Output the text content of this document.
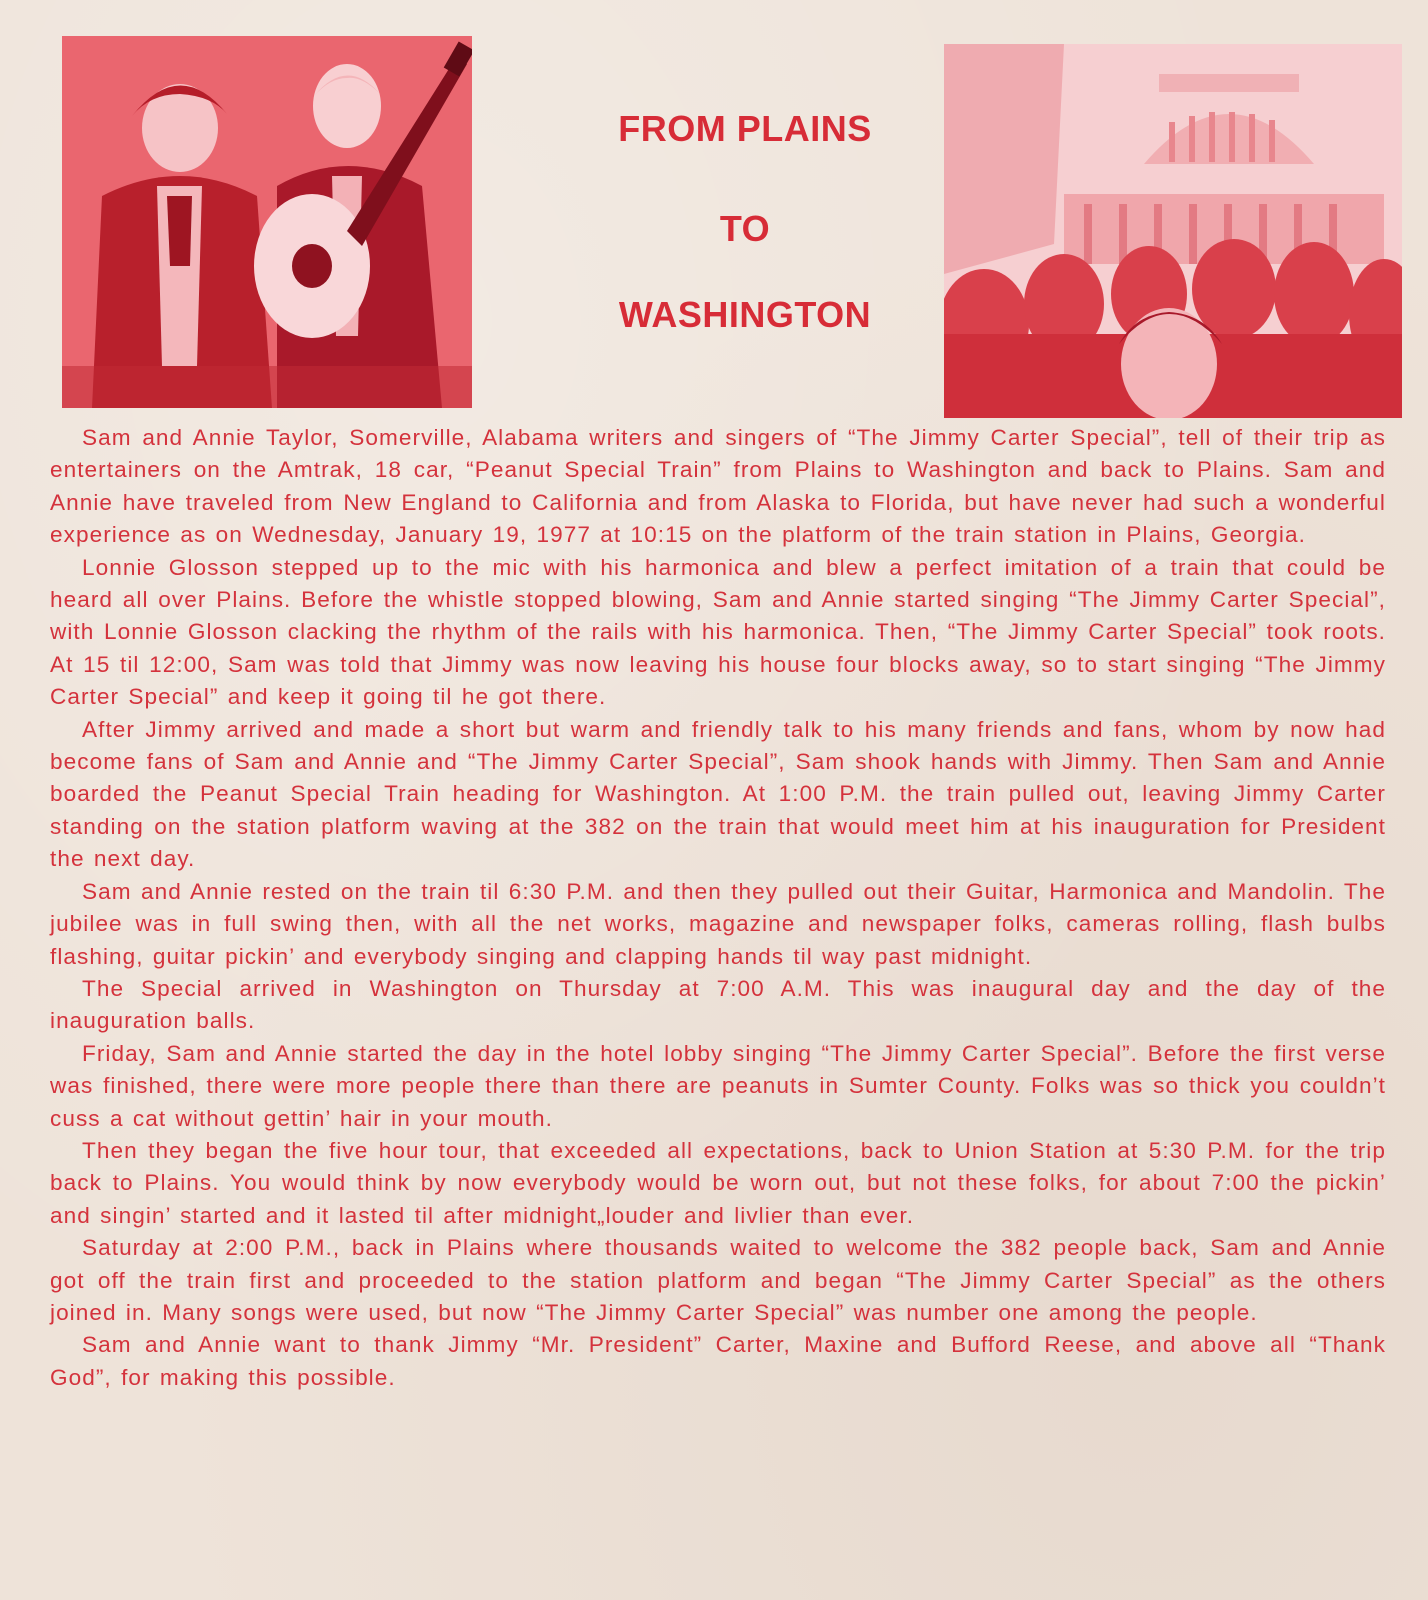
FROM PLAINS
TO
WASHINGTON

Sam and Annie Taylor, Somerville, Alabama writers and singers of “The Jimmy Carter Special”, tell of their trip as entertainers on the Amtrak, 18 car, “Peanut Special Train” from Plains to Washington and back to Plains. Sam and Annie have traveled from New England to California and from Alaska to Florida, but have never had such a wonderful experience as on Wednesday, January 19, 1977 at 10:15 on the platform of the train station in Plains, Georgia.

Lonnie Glosson stepped up to the mic with his harmonica and blew a perfect imitation of a train that could be heard all over Plains. Before the whistle stopped blowing, Sam and Annie started singing “The Jimmy Carter Special”, with Lonnie Glosson clacking the rhythm of the rails with his harmonica. Then, “The Jimmy Carter Special” took roots. At 15 til 12:00, Sam was told that Jimmy was now leaving his house four blocks away, so to start singing “The Jimmy Carter Special” and keep it going til he got there.

After Jimmy arrived and made a short but warm and friendly talk to his many friends and fans, whom by now had become fans of Sam and Annie and “The Jimmy Carter Special”, Sam shook hands with Jimmy. Then Sam and Annie boarded the Peanut Special Train heading for Washington. At 1:00 P.M. the train pulled out, leaving Jimmy Carter standing on the station platform waving at the 382 on the train that would meet him at his inauguration for President the next day.

Sam and Annie rested on the train til 6:30 P.M. and then they pulled out their Guitar, Harmonica and Mandolin. The jubilee was in full swing then, with all the net works, magazine and newspaper folks, cameras rolling, flash bulbs flashing, guitar pickin’ and everybody singing and clapping hands til way past midnight.

The Special arrived in Washington on Thursday at 7:00 A.M. This was inaugural day and the day of the inauguration balls.

Friday, Sam and Annie started the day in the hotel lobby singing “The Jimmy Carter Special”. Before the first verse was finished, there were more people there than there are peanuts in Sumter County. Folks was so thick you couldn’t cuss a cat without gettin’ hair in your mouth.

Then they began the five hour tour, that exceeded all expectations, back to Union Station at 5:30 P.M. for the trip back to Plains. You would think by now everybody would be worn out, but not these folks, for about 7:00 the pickin’ and singin’ started and it lasted til after midnight„louder and livlier than ever.

Saturday at 2:00 P.M., back in Plains where thousands waited to welcome the 382 people back, Sam and Annie got off the train first and proceeded to the station platform and began “The Jimmy Carter Special” as the others joined in. Many songs were used, but now “The Jimmy Carter Special” was number one among the people.

Sam and Annie want to thank Jimmy “Mr. President” Carter, Maxine and Bufford Reese, and above all “Thank God”, for making this possible.
